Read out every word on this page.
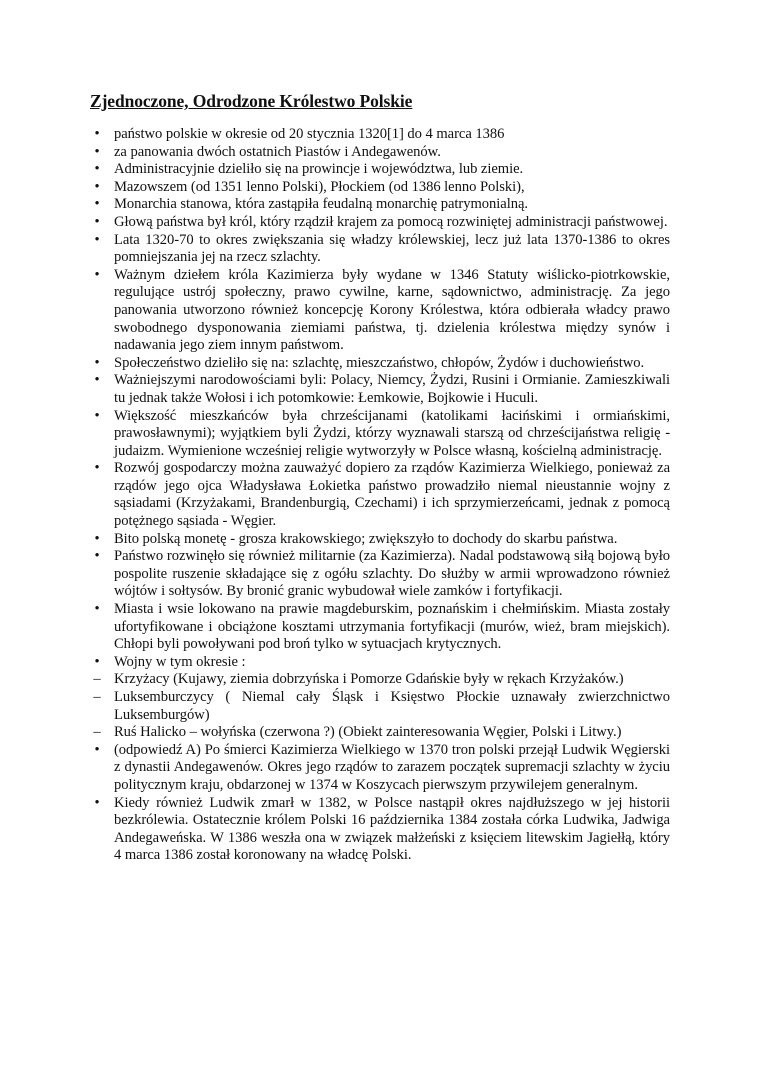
Zjednoczone, Odrodzone Królestwo Polskie
• państwo polskie w okresie od 20 stycznia 1320[1] do 4 marca 1386
• za panowania dwóch ostatnich Piastów i Andegawenów.
• Administracyjnie dzieliło się na prowincje i województwa, lub ziemie.
• Mazowszem (od 1351 lenno Polski), Płockiem (od 1386 lenno Polski),
• Monarchia stanowa, która zastąpiła feudalną monarchię patrymonialną.
• Głową państwa był król, który rządził krajem za pomocą rozwiniętej administracji państwowej.
• Lata 1320-70 to okres zwiększania się władzy królewskiej, lecz już lata 1370-1386 to okres pomniejszania jej na rzecz szlachty.
• Ważnym dziełem króla Kazimierza były wydane w 1346 Statuty wiślicko-piotrkowskie, regulujące ustrój społeczny, prawo cywilne, karne, sądownictwo, administrację. Za jego panowania utworzono również koncepcję Korony Królestwa, która odbierała władcy prawo swobodnego dysponowania ziemiami państwa, tj. dzielenia królestwa między synów i nadawania jego ziem innym państwom.
• Społeczeństwo dzieliło się na: szlachtę, mieszczaństwo, chłopów, Żydów i duchowieństwo.
• Ważniejszymi narodowościami byli: Polacy, Niemcy, Żydzi, Rusini i Ormianie. Zamieszkiwali tu jednak także Wołosi i ich potomkowie: Łemkowie, Bojkowie i Huculi.
• Większość mieszkańców była chrześcijanami (katolikami łacińskimi i ormiańskimi, prawosławnymi); wyjątkiem byli Żydzi, którzy wyznawali starszą od chrześcijaństwa religię - judaizm. Wymienione wcześniej religie wytworzyły w Polsce własną, kościelną administrację.
• Rozwój gospodarczy można zauważyć dopiero za rządów Kazimierza Wielkiego, ponieważ za rządów jego ojca Władysława Łokietka państwo prowadziło niemal nieustannie wojny z sąsiadami (Krzyżakami, Brandenburgią, Czechami) i ich sprzymierzeńcami, jednak z pomocą potężnego sąsiada - Węgier.
• Bito polską monetę - grosza krakowskiego; zwiększyło to dochody do skarbu państwa.
• Państwo rozwinęło się również militarnie (za Kazimierza). Nadal podstawową siłą bojową było pospolite ruszenie składające się z ogółu szlachty. Do służby w armii wprowadzono również wójtów i sołtysów. By bronić granic wybudował wiele zamków i fortyfikacji.
• Miasta i wsie lokowano na prawie magdeburskim, poznańskim i chełmińskim. Miasta zostały ufortyfikowane i obciążone kosztami utrzymania fortyfikacji (murów, wież, bram miejskich). Chłopi byli powoływani pod broń tylko w sytuacjach krytycznych.
• Wojny w tym okresie :
– Krzyżacy (Kujawy, ziemia dobrzyńska i Pomorze Gdańskie były w rękach Krzyżaków.)
– Luksemburczycy ( Niemal cały Śląsk i Księstwo Płockie uznawały zwierzchnictwo Luksemburgów)
– Ruś Halicko – wołyńska (czerwona ?) (Obiekt zainteresowania Węgier, Polski i Litwy.)
• (odpowiedź A) Po śmierci Kazimierza Wielkiego w 1370 tron polski przejął Ludwik Węgierski z dynastii Andegawenów. Okres jego rządów to zarazem początek supremacji szlachty w życiu politycznym kraju, obdarzonej w 1374 w Koszycach pierwszym przywilejem generalnym.
• Kiedy również Ludwik zmarł w 1382, w Polsce nastąpił okres najdłuższego w jej historii bezkrólewia. Ostatecznie królem Polski 16 października 1384 została córka Ludwika, Jadwiga Andegaweńska. W 1386 weszła ona w związek małżeński z księciem litewskim Jagiełłą, który 4 marca 1386 został koronowany na władcę Polski.
